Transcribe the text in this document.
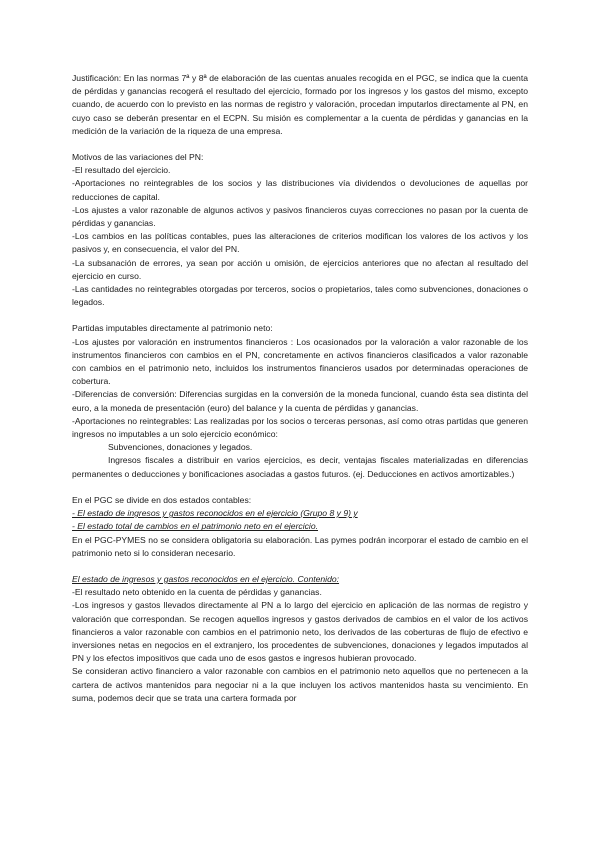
Justificación: En las normas 7ª y 8ª de elaboración de las cuentas anuales recogida en el PGC, se indica que la cuenta de pérdidas y ganancias recogerá el resultado del ejercicio, formado por los ingresos y los gastos del mismo, excepto cuando, de acuerdo con lo previsto en las normas de registro y valoración, procedan imputarlos directamente al PN, en cuyo caso se deberán presentar en el ECPN. Su misión es complementar a la cuenta de pérdidas y ganancias en la medición de la variación de la riqueza de una empresa.

Motivos de las variaciones del PN:

-El resultado del ejercicio.

-Aportaciones no reintegrables de los socios y las distribuciones vía dividendos o devoluciones de aquellas por reducciones de capital.

-Los ajustes a valor razonable de algunos activos y pasivos financieros cuyas correcciones no pasan por la cuenta de pérdidas y ganancias.

-Los cambios en las políticas contables, pues las alteraciones de criterios modifican los valores de los activos y los pasivos y, en consecuencia, el valor del PN.

-La subsanación de errores, ya sean por acción u omisión, de ejercicios anteriores que no afectan al resultado del ejercicio en curso.

-Las cantidades no reintegrables otorgadas por terceros, socios o propietarios, tales como subvenciones, donaciones o legados.

Partidas imputables directamente al patrimonio neto:

-Los ajustes por valoración en instrumentos financieros : Los ocasionados por la valoración a valor razonable de los instrumentos financieros con cambios en el PN, concretamente en activos financieros clasificados a valor razonable con cambios en el patrimonio neto, incluidos los instrumentos financieros usados por determinadas operaciones de cobertura.

-Diferencias de conversión: Diferencias surgidas en la conversión de la moneda funcional, cuando ésta sea distinta del euro, a la moneda de presentación (euro) del balance y la cuenta de pérdidas y ganancias.

-Aportaciones no reintegrables: Las realizadas por los socios o terceras personas, así como otras partidas que generen ingresos no imputables a un solo ejercicio económico:

Subvenciones, donaciones y legados.

Ingresos fiscales a distribuir en varios ejercicios, es decir, ventajas fiscales materializadas en diferencias permanentes o deducciones y bonificaciones asociadas a gastos futuros. (ej. Deducciones en activos amortizables.)

En el PGC se divide en dos estados contables:

- El estado de ingresos y gastos reconocidos en el ejercicio (Grupo 8 y 9) y

- El estado total de cambios en el patrimonio neto en el ejercicio.

En el PGC-PYMES no se considera obligatoria su elaboración. Las pymes podrán incorporar el estado de cambio en el patrimonio neto si lo consideran necesario.

El estado de ingresos y gastos reconocidos en el ejercicio. Contenido:

-El resultado neto obtenido en la cuenta de pérdidas y ganancias.

-Los ingresos y gastos llevados directamente al PN a lo largo del ejercicio en aplicación de las normas de registro y valoración que correspondan. Se recogen aquellos ingresos y gastos derivados de cambios en el valor de los activos financieros a valor razonable con cambios en el patrimonio neto, los derivados de las coberturas de flujo de efectivo e inversiones netas en negocios en el extranjero, los procedentes de subvenciones, donaciones y legados imputados al PN y los efectos impositivos que cada uno de esos gastos e ingresos hubieran provocado.

Se consideran activo financiero a valor razonable con cambios en el patrimonio neto aquellos que no pertenecen a la cartera de activos mantenidos para negociar ni a la que incluyen los activos mantenidos hasta su vencimiento. En suma, podemos decir que se trata una cartera formada por
